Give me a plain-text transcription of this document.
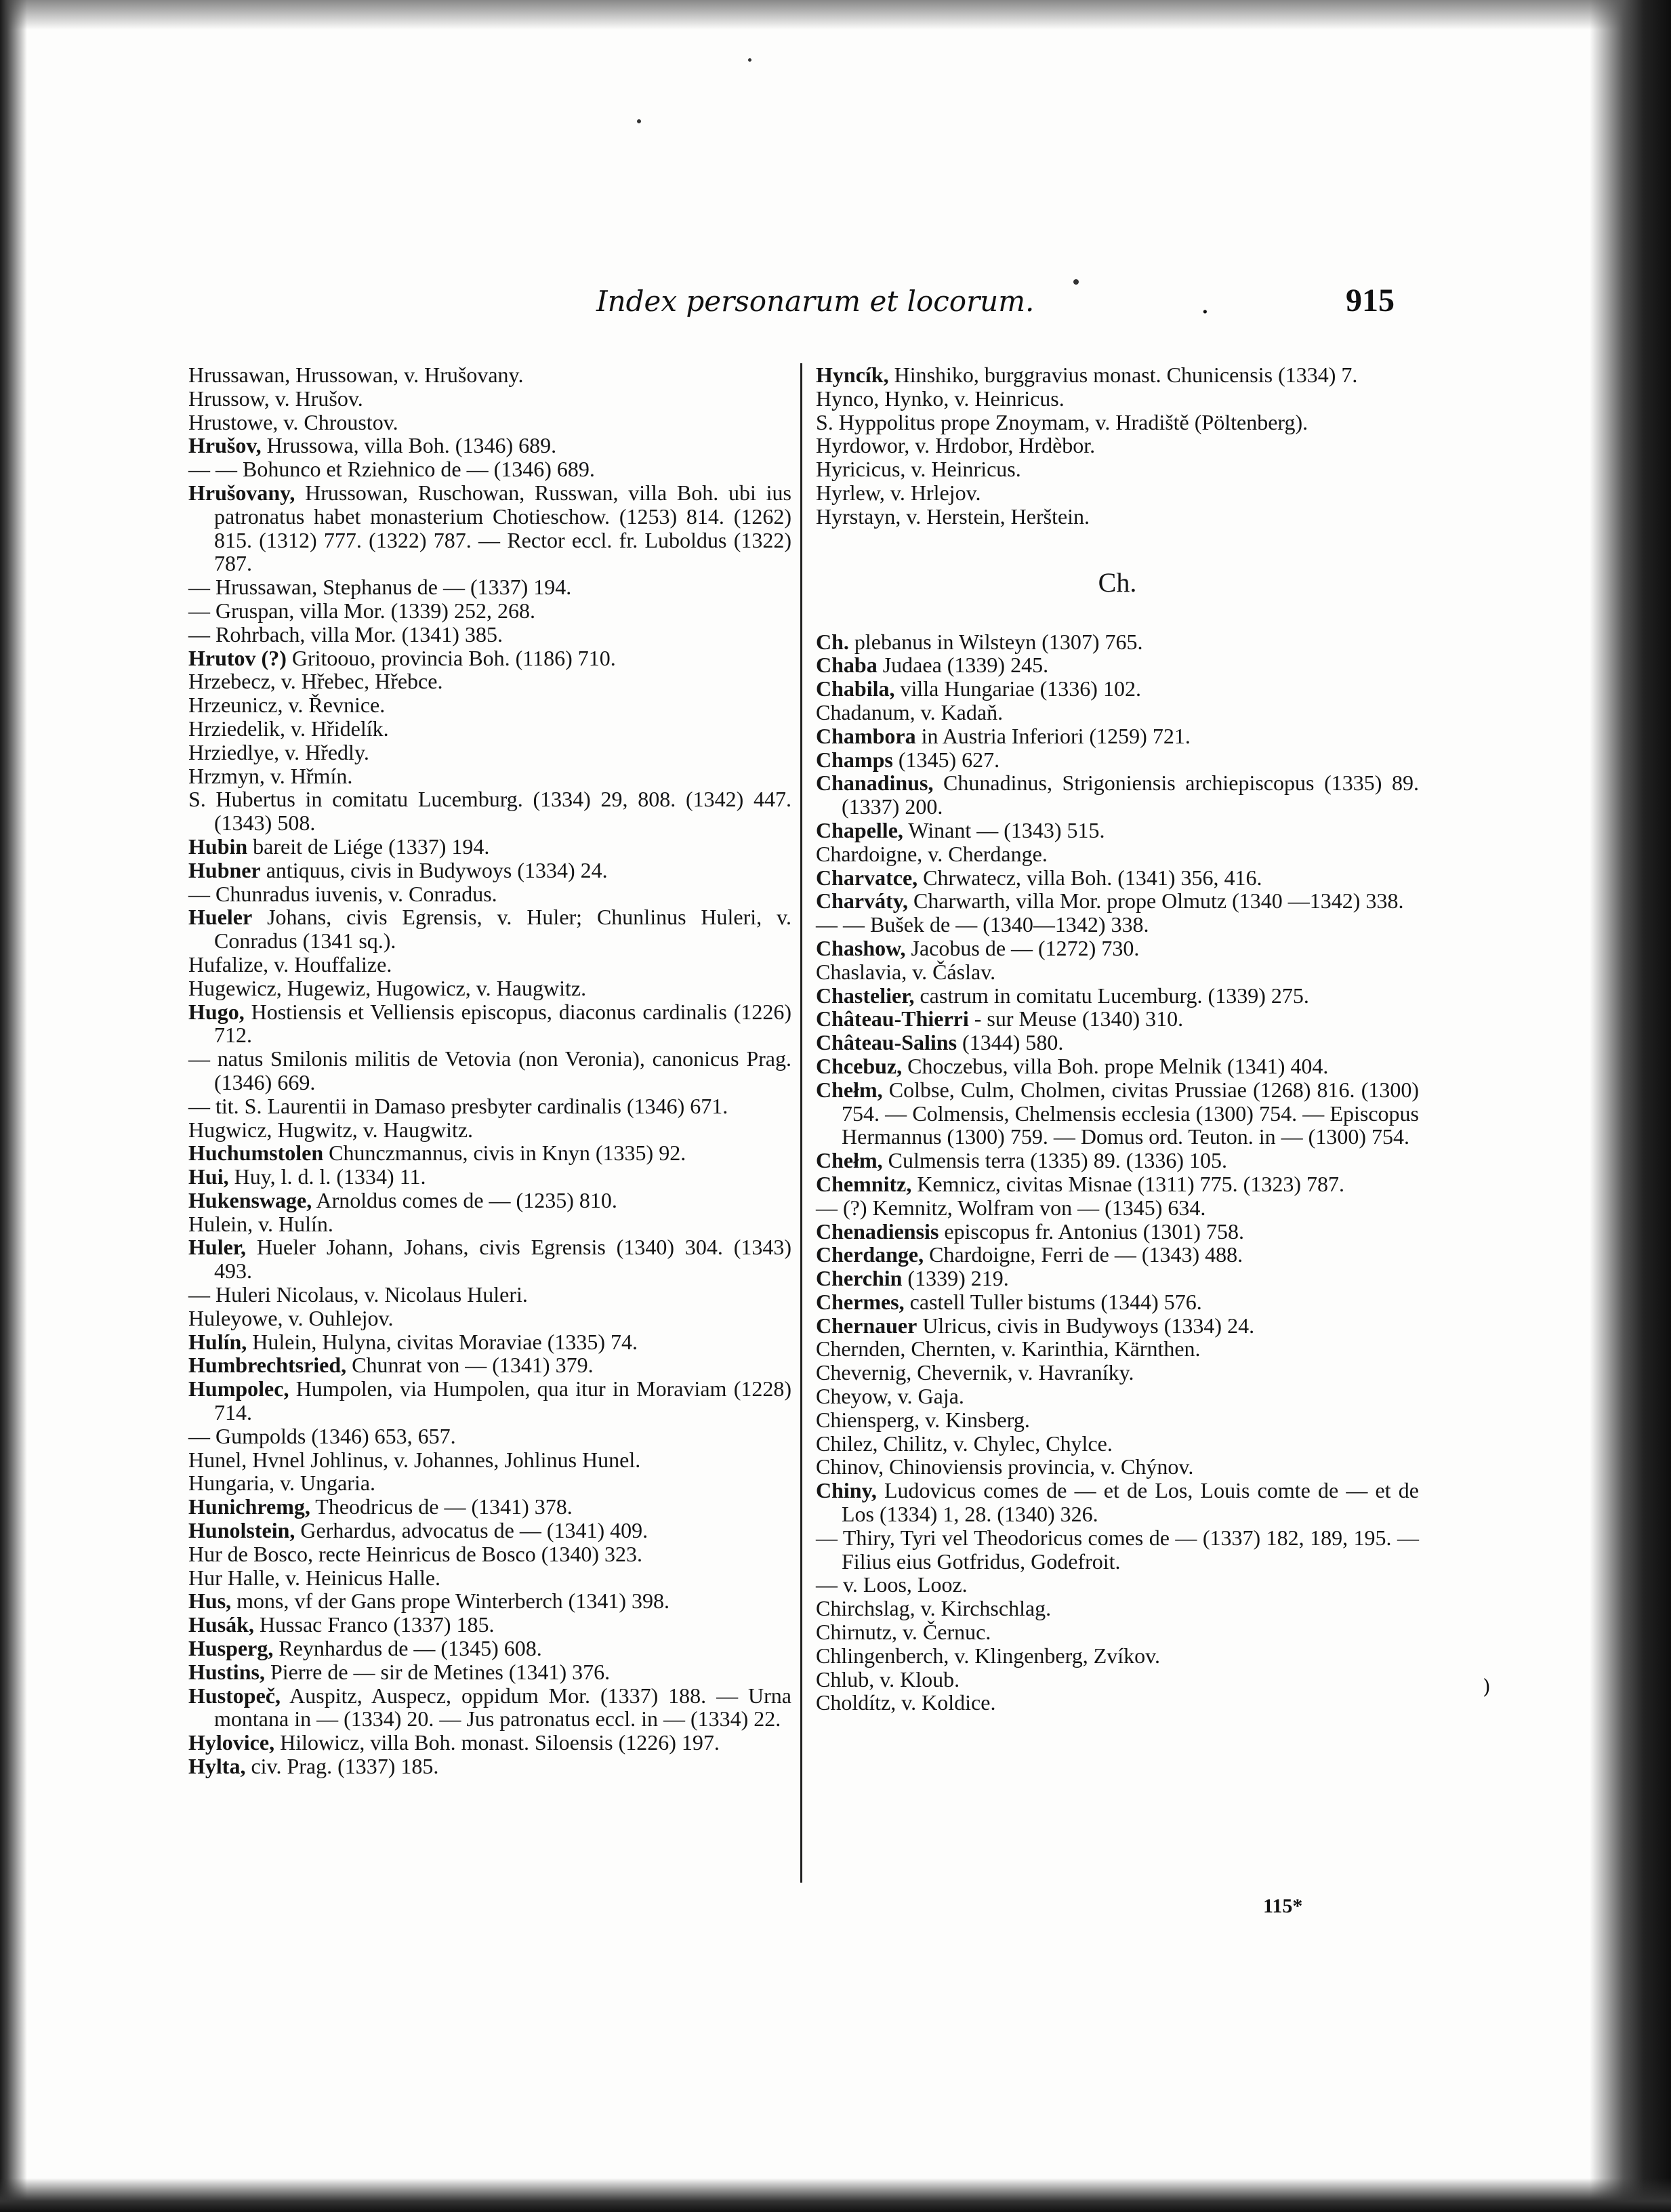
Index personarum et locorum.	.	915
Hrussawan, Hrussowan, v. Hrušovany.
Hrussow, v. Hrušov.
Hrustowe, v. Chroustov.
Hrušov, Hrussowa, villa Boh. (1346) 689.
— — Bohunco et Rziehnico de — (1346) 689.
Hrušovany, Hrussowan, Ruschowan, Russwan, villa Boh. ubi ius patronatus habet monasterium Chotieschow. (1253) 814. (1262) 815. (1312) 777. (1322) 787. — Rector eccl. fr. Luboldus (1322) 787.
— Hrussawan, Stephanus de — (1337) 194.
— Gruspan, villa Mor. (1339) 252, 268.
— Rohrbach, villa Mor. (1341) 385.
Hrutov (?) Gritoouo, provincia Boh. (1186) 710.
Hrzebecz, v. Hřebec, Hřebce.
Hrzeunicz, v. Řevnice.
Hrziedelik, v. Hřidelík.
Hrziedlye, v. Hředly.
Hrzmyn, v. Hřmín.
S. Hubertus in comitatu Lucemburg. (1334) 29, 808. (1342) 447. (1343) 508.
Hubin bareit de Liége (1337) 194.
Hubner antiquus, civis in Budywoys (1334) 24.
— Chunradus iuvenis, v. Conradus.
Hueler Johans, civis Egrensis, v. Huler; Chunlinus Huleri, v. Conradus (1341 sq.).
Hufalize, v. Houffalize.
Hugewicz, Hugewiz, Hugowicz, v. Haugwitz.
Hugo, Hostiensis et Velliensis episcopus, diaconus cardinalis (1226) 712.
— natus Smilonis militis de Vetovia (non Veronia), canonicus Prag. (1346) 669.
— tit. S. Laurentii in Damaso presbyter cardinalis (1346) 671.
Hugwicz, Hugwitz, v. Haugwitz.
Huchumstolen Chunczmannus, civis in Knyn (1335) 92.
Hui, Huy, l. d. l. (1334) 11.
Hukenswage, Arnoldus comes de — (1235) 810.
Hulein, v. Hulín.
Huler, Hueler Johann, Johans, civis Egrensis (1340) 304. (1343) 493.
— Huleri Nicolaus, v. Nicolaus Huleri.
Huleyowe, v. Ouhlejov.
Hulín, Hulein, Hulyna, civitas Moraviae (1335) 74.
Humbrechtsried, Chunrat von — (1341) 379.
Humpolec, Humpolen, via Humpolen, qua itur in Moraviam (1228) 714.
— Gumpolds (1346) 653, 657.
Hunel, Hvnel Johlinus, v. Johannes, Johlinus Hunel.
Hungaria, v. Ungaria.
Hunichremg, Theodricus de — (1341) 378.
Hunolstein, Gerhardus, advocatus de — (1341) 409.
Hur de Bosco, recte Heinricus de Bosco (1340) 323.
Hur Halle, v. Heinicus Halle.
Hus, mons, vf der Gans prope Winterberch (1341) 398.
Husák, Hussac Franco (1337) 185.
Husperg, Reynhardus de — (1345) 608.
Hustins, Pierre de — sir de Metines (1341) 376.
Hustopeč, Auspitz, Auspecz, oppidum Mor. (1337) 188. — Urna montana in — (1334) 20. — Jus patronatus eccl. in — (1334) 22.
Hylovice, Hilowicz, villa Boh. monast. Siloensis (1226) 197.
Hylta, civ. Prag. (1337) 185.
Hyncík, Hinshiko, burggravius monast. Chunicensis (1334) 7.
Hynco, Hynko, v. Heinricus.
S. Hyppolitus prope Znoymam, v. Hradiště (Pöltenberg).
Hyrdowor, v. Hrdobor, Hrdèbor.
Hyricicus, v. Heinricus.
Hyrlew, v. Hrlejov.
Hyrstayn, v. Herstein, Herštein.
Ch.
Ch. plebanus in Wilsteyn (1307) 765.
Chaba Judaea (1339) 245.
Chabila, villa Hungariae (1336) 102.
Chadanum, v. Kadaň.
Chambora in Austria Inferiori (1259) 721.
Champs (1345) 627.
Chanadinus, Chunadinus, Strigoniensis archiepiscopus (1335) 89. (1337) 200.
Chapelle, Winant — (1343) 515.
Chardoigne, v. Cherdange.
Charvatce, Chrwatecz, villa Boh. (1341) 356, 416.
Charváty, Charwarth, villa Mor. prope Olmutz (1340 —1342) 338.
— — Bušek de — (1340—1342) 338.
Chashow, Jacobus de — (1272) 730.
Chaslavia, v. Čáslav.
Chastelier, castrum in comitatu Lucemburg. (1339) 275.
Château-Thierri - sur Meuse (1340) 310.
Château-Salins (1344) 580.
Chcebuz, Choczebus, villa Boh. prope Melnik (1341) 404.
Chełm, Colbse, Culm, Cholmen, civitas Prussiae (1268) 816. (1300) 754. — Colmensis, Chelmensis ecclesia (1300) 754. — Episcopus Hermannus (1300) 759. — Domus ord. Teuton. in — (1300) 754.
Chełm, Culmensis terra (1335) 89. (1336) 105.
Chemnitz, Kemnicz, civitas Misnae (1311) 775. (1323) 787.
— (?) Kemnitz, Wolfram von — (1345) 634.
Chenadiensis episcopus fr. Antonius (1301) 758.
Cherdange, Chardoigne, Ferri de — (1343) 488.
Cherchin (1339) 219.
Chermes, castell Tuller bistums (1344) 576.
Chernauer Ulricus, civis in Budywoys (1334) 24.
Chernden, Chernten, v. Karinthia, Kärnthen.
Chevernig, Chevernik, v. Havraníky.
Cheyow, v. Gaja.
Chiensperg, v. Kinsberg.
Chilez, Chilitz, v. Chylec, Chylce.
Chinov, Chinoviensis provincia, v. Chýnov.
Chiny, Ludovicus comes de — et de Los, Louis comte de — et de Los (1334) 1, 28. (1340) 326.
— Thiry, Tyri vel Theodoricus comes de — (1337) 182, 189, 195. — Filius eius Gotfridus, Godefroit.
— v. Loos, Looz.
Chirchslag, v. Kirchschlag.
Chirnutz, v. Černuc.
Chlingenberch, v. Klingenberg, Zvíkov.
Chlub, v. Kloub.
Choldítz, v. Koldice.
115*
)
